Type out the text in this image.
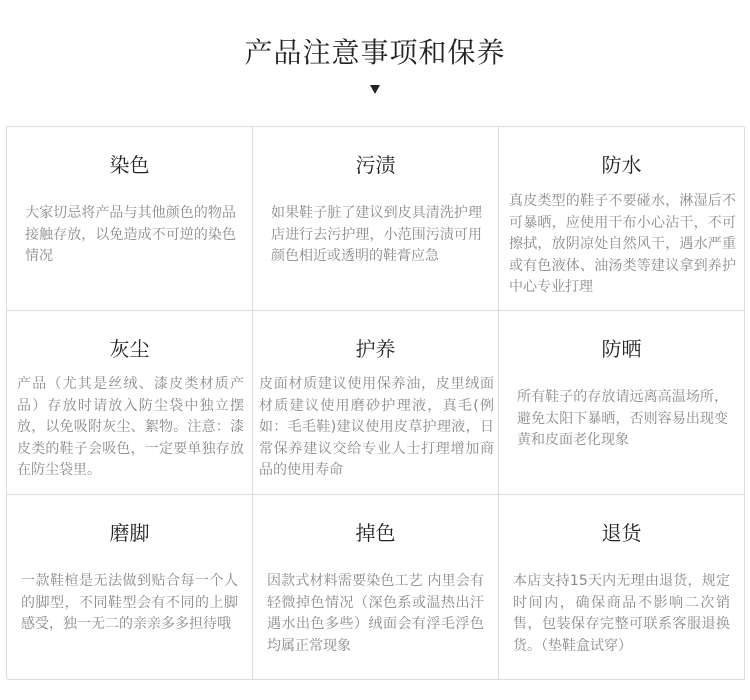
产品注意事项和保养
染色
大家切忌将产品与其他颜色的物品接触存放，以免造成不可逆的染色情况
污渍
如果鞋子脏了建议到皮具清洗护理店进行去污护理，小范围污渍可用颜色相近或透明的鞋膏应急
防水
真皮类型的鞋子不要碰水，淋湿后不可暴晒，应使用干布小心沾干，不可擦拭，放阴凉处自然风干，遇水严重或有色液体、油汤类等建议拿到养护中心专业打理
灰尘
产品（尤其是丝绒、漆皮类材质产品）存放时请放入防尘袋中独立摆放，以免吸附灰尘、絮物。注意：漆皮类的鞋子会吸色，一定要单独存放在防尘袋里。
护养
皮面材质建议使用保养油，皮里绒面材质建议使用磨砂护理液，真毛(例如：毛毛鞋)建议使用皮草护理液，日常保养建议交给专业人士打理增加商品的使用寿命
防晒
所有鞋子的存放请远离高温场所，避免太阳下暴晒，否则容易出现变黄和皮面老化现象
磨脚
一款鞋楦是无法做到贴合每一个人的脚型，不同鞋型会有不同的上脚感受，独一无二的亲亲多多担待哦
掉色
因款式材料需要染色工艺 内里会有轻微掉色情况（深色系或温热出汗遇水出色多些）绒面会有浮毛浮色均属正常现象
退货
本店支持15天内无理由退货，规定时间内，确保商品不影响二次销售，包装保存完整可联系客服退换货。（垫鞋盒试穿）
